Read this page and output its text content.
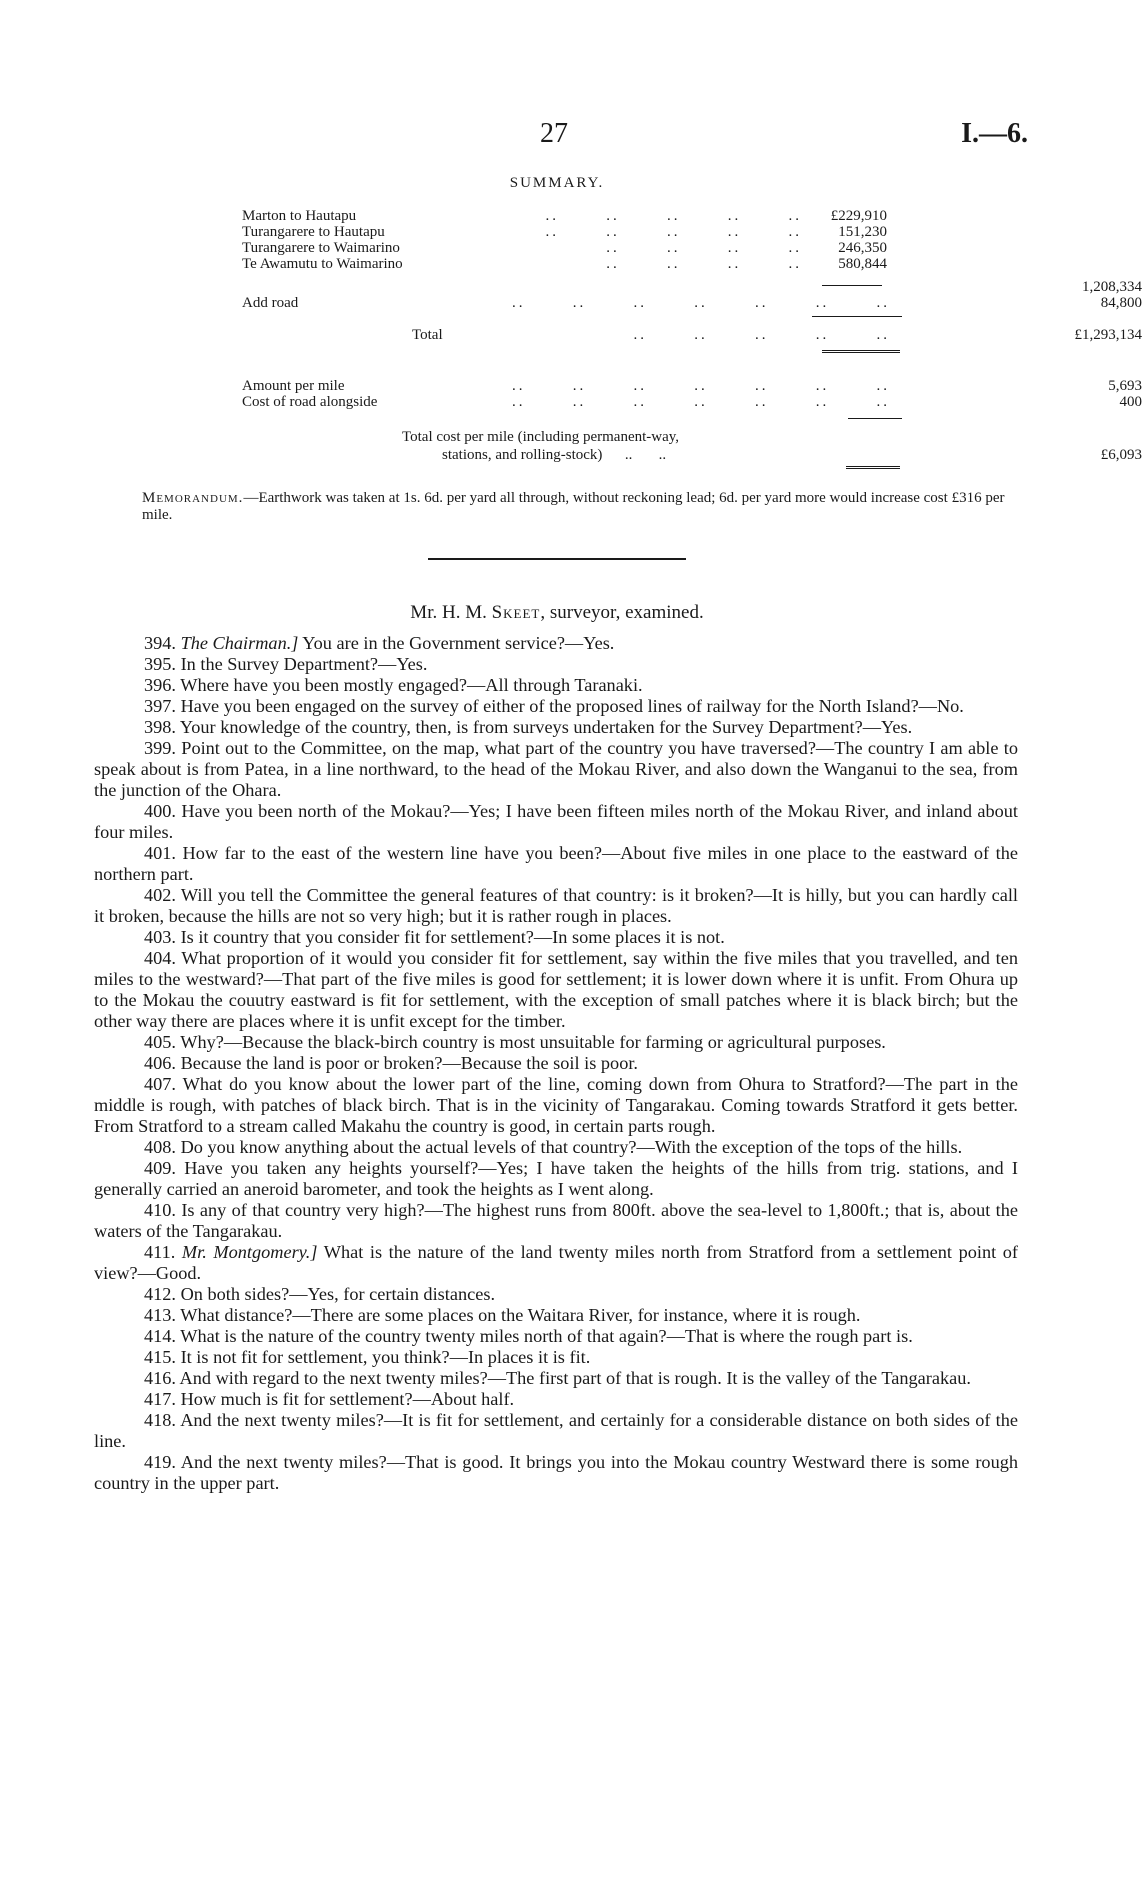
27	I.—6.
SUMMARY.
Marton to Hautapu	..       ..       ..       ..       ..	£229,910
Turangarere to Hautapu	..       ..       ..       ..       ..	151,230
Turangarere to Waimarino	..       ..       ..       ..	246,350
Te Awamutu to Waimarino	..       ..       ..       ..	580,844
1,208,334
Add road	..       ..       ..       ..       ..       ..       ..	84,800
Total	..       ..       ..       ..       ..	£1,293,134
Amount per mile	..       ..       ..       ..       ..       ..       ..	5,693
Cost of road alongside	..       ..       ..       ..       ..       ..       ..	400
Total cost per mile (including permanent-way,
stations, and rolling-stock)      ..       ..	£6,093
Memorandum.—Earthwork was taken at 1s. 6d. per yard all through, without reckoning lead; 6d. per yard more would increase cost £316 per mile.
Mr. H. M. Skeet, surveyor, examined.

394. The Chairman.] You are in the Government service?—Yes.

395. In the Survey Department?—Yes.

396. Where have you been mostly engaged?—All through Taranaki.

397. Have you been engaged on the survey of either of the proposed lines of railway for the North Island?—No.

398. Your knowledge of the country, then, is from surveys undertaken for the Survey Department?—Yes.

399. Point out to the Committee, on the map, what part of the country you have traversed?—The country I am able to speak about is from Patea, in a line northward, to the head of the Mokau River, and also down the Wanganui to the sea, from the junction of the Ohara.

400. Have you been north of the Mokau?—Yes; I have been fifteen miles north of the Mokau River, and inland about four miles.

401. How far to the east of the western line have you been?—About five miles in one place to the eastward of the northern part.

402. Will you tell the Committee the general features of that country: is it broken?—It is hilly, but you can hardly call it broken, because the hills are not so very high; but it is rather rough in places.

403. Is it country that you consider fit for settlement?—In some places it is not.

404. What proportion of it would you consider fit for settlement, say within the five miles that you travelled, and ten miles to the westward?—That part of the five miles is good for settlement; it is lower down where it is unfit. From Ohura up to the Mokau the couutry eastward is fit for settlement, with the exception of small patches where it is black birch; but the other way there are places where it is unfit except for the timber.

405. Why?—Because the black-birch country is most unsuitable for farming or agricultural purposes.

406. Because the land is poor or broken?—Because the soil is poor.

407. What do you know about the lower part of the line, coming down from Ohura to Stratford?—The part in the middle is rough, with patches of black birch. That is in the vicinity of Tangarakau. Coming towards Stratford it gets better. From Stratford to a stream called Makahu the country is good, in certain parts rough.

408. Do you know anything about the actual levels of that country?—With the exception of the tops of the hills.

409. Have you taken any heights yourself?—Yes; I have taken the heights of the hills from trig. stations, and I generally carried an aneroid barometer, and took the heights as I went along.

410. Is any of that country very high?—The highest runs from 800ft. above the sea-level to 1,800ft.; that is, about the waters of the Tangarakau.

411. Mr. Montgomery.] What is the nature of the land twenty miles north from Stratford from a settlement point of view?—Good.

412. On both sides?—Yes, for certain distances.

413. What distance?—There are some places on the Waitara River, for instance, where it is rough.

414. What is the nature of the country twenty miles north of that again?—That is where the rough part is.

415. It is not fit for settlement, you think?—In places it is fit.

416. And with regard to the next twenty miles?—The first part of that is rough. It is the valley of the Tangarakau.

417. How much is fit for settlement?—About half.

418. And the next twenty miles?—It is fit for settlement, and certainly for a considerable distance on both sides of the line.

419. And the next twenty miles?—That is good. It brings you into the Mokau country Westward there is some rough country in the upper part.
